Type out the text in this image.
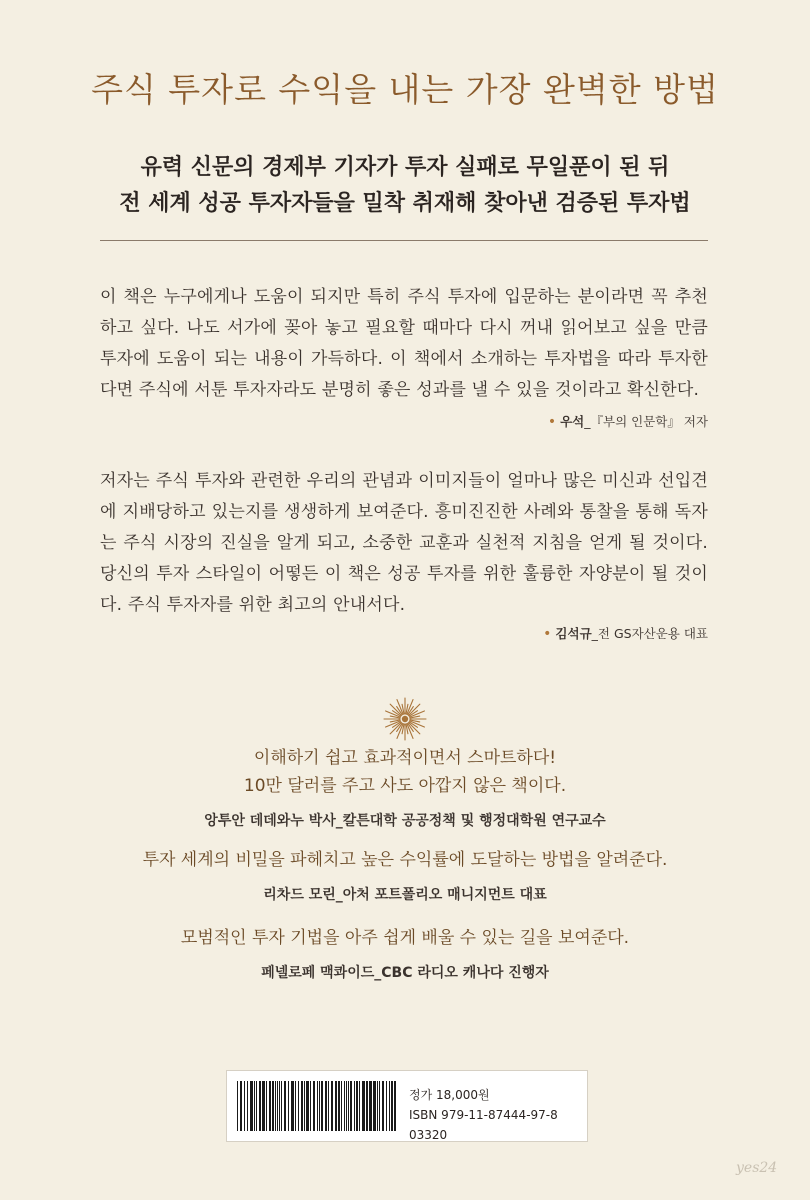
주식 투자로 수익을 내는 가장 완벽한 방법
유력 신문의 경제부 기자가 투자 실패로 무일푼이 된 뒤
전 세계 성공 투자자들을 밀착 취재해 찾아낸 검증된 투자법
이 책은 누구에게나 도움이 되지만 특히 주식 투자에 입문하는 분이라면 꼭 추천하고 싶다. 나도 서가에 꽂아 놓고 필요할 때마다 다시 꺼내 읽어보고 싶을 만큼 투자에 도움이 되는 내용이 가득하다. 이 책에서 소개하는 투자법을 따라 투자한다면 주식에 서툰 투자자라도 분명히 좋은 성과를 낼 수 있을 것이라고 확신한다.
• 우석_『부의 인문학』 저자
저자는 주식 투자와 관련한 우리의 관념과 이미지들이 얼마나 많은 미신과 선입견에 지배당하고 있는지를 생생하게 보여준다. 흥미진진한 사례와 통찰을 통해 독자는 주식 시장의 진실을 알게 되고, 소중한 교훈과 실천적 지침을 얻게 될 것이다. 당신의 투자 스타일이 어떻든 이 책은 성공 투자를 위한 훌륭한 자양분이 될 것이다. 주식 투자자를 위한 최고의 안내서다.
• 김석규_전 GS자산운용 대표
이해하기 쉽고 효과적이면서 스마트하다!
10만 달러를 주고 사도 아깝지 않은 책이다.
앙투안 데데와누 박사_칼튼대학 공공정책 및 행정대학원 연구교수
투자 세계의 비밀을 파헤치고 높은 수익률에 도달하는 방법을 알려준다.
리차드 모린_아처 포트폴리오 매니지먼트 대표
모범적인 투자 기법을 아주 쉽게 배울 수 있는 길을 보여준다.
페넬로페 맥콰이드_CBC 라디오 캐나다 진행자
정가 18,000원
ISBN 979-11-87444-97-8 03320
yes24
